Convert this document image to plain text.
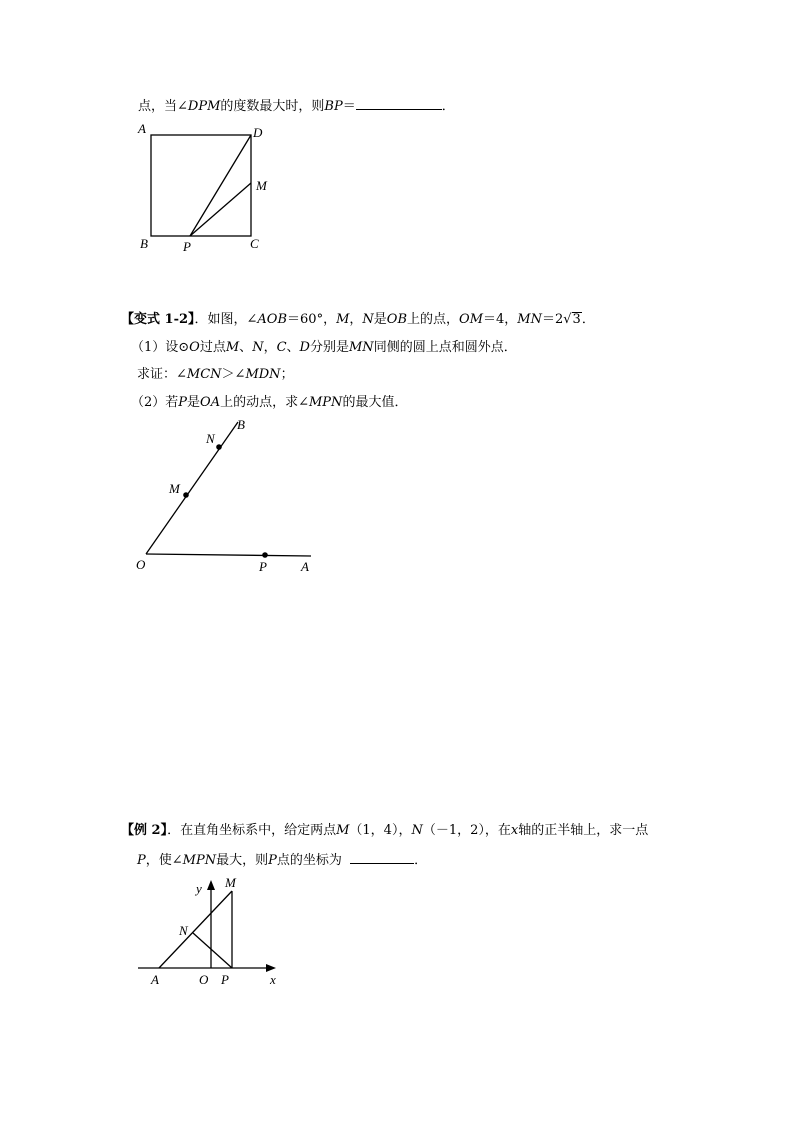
点，当∠DPM的度数最大时，则BP＝	．
A	D
M
B	P	C
B
N
M
O	P	A
y M
N
A	O P	x
【变式 1-2】．如图，∠AOB＝60°，M，N是OB上的点，OM＝4，MN＝2√3．
（1）设⊙O过点M、N，C、D分别是MN同侧的圆上点和圆外点．
求证：∠MCN＞∠MDN；
（2）若P是OA上的动点，求∠MPN的最大值．
【例 2】．在直角坐标系中，给定两点M（1，4），N（－1，2），在x轴的正半轴上，求一点
P，使∠MPN最大，则P点的坐标为	．
